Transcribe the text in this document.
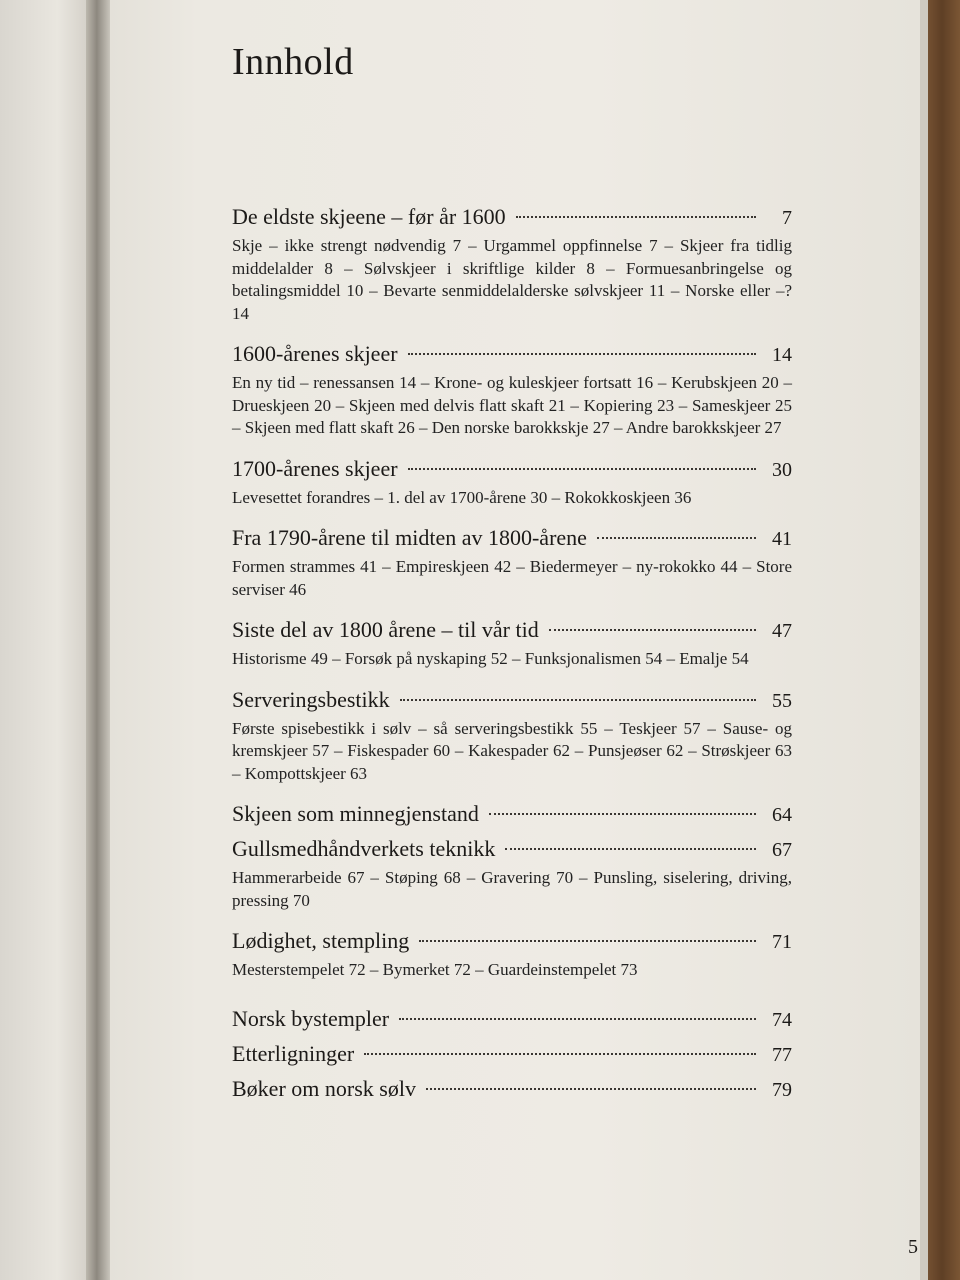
Innhold
De eldste skjeene – før år 1600	7
Skje – ikke strengt nødvendig 7 – Urgammel oppfinnelse 7 – Skjeer fra tidlig middelalder 8 – Sølvskjeer i skriftlige kilder 8 – Formuesanbringelse og betalingsmiddel 10 – Bevarte senmiddelalderske sølvskjeer 11 – Norske eller –? 14
1600-årenes skjeer	14
En ny tid – renessansen 14 – Krone- og kuleskjeer fortsatt 16 – Kerubskjeen 20 – Drueskjeen 20 – Skjeen med delvis flatt skaft 21 – Kopiering 23 – Sameskjeer 25 – Skjeen med flatt skaft 26 – Den norske barokkskje 27 – Andre barokkskjeer 27
1700-årenes skjeer	30
Levesettet forandres – 1. del av 1700-årene 30 – Rokokkoskjeen 36
Fra 1790-årene til midten av 1800-årene	41
Formen strammes 41 – Empireskjeen 42 – Biedermeyer – ny-rokokko 44 – Store serviser 46
Siste del av 1800 årene – til vår tid	47
Historisme 49 – Forsøk på nyskaping 52 – Funksjonalismen 54 – Emalje 54
Serveringsbestikk	55
Første spisebestikk i sølv – så serveringsbestikk 55 – Teskjeer 57 – Sause- og kremskjeer 57 – Fiskespader 60 – Kakespader 62 – Punsjeøser 62 – Strøskjeer 63 – Kompottskjeer 63
Skjeen som minnegjenstand	64
Gullsmedhåndverkets teknikk	67
Hammerarbeide 67 – Støping 68 – Gravering 70 – Punsling, siselering, driving, pressing 70
Lødighet, stempling	71
Mesterstempelet 72 – Bymerket 72 – Guardeinstempelet 73
Norsk bystempler	74
Etterligninger	77
Bøker om norsk sølv	79
5
